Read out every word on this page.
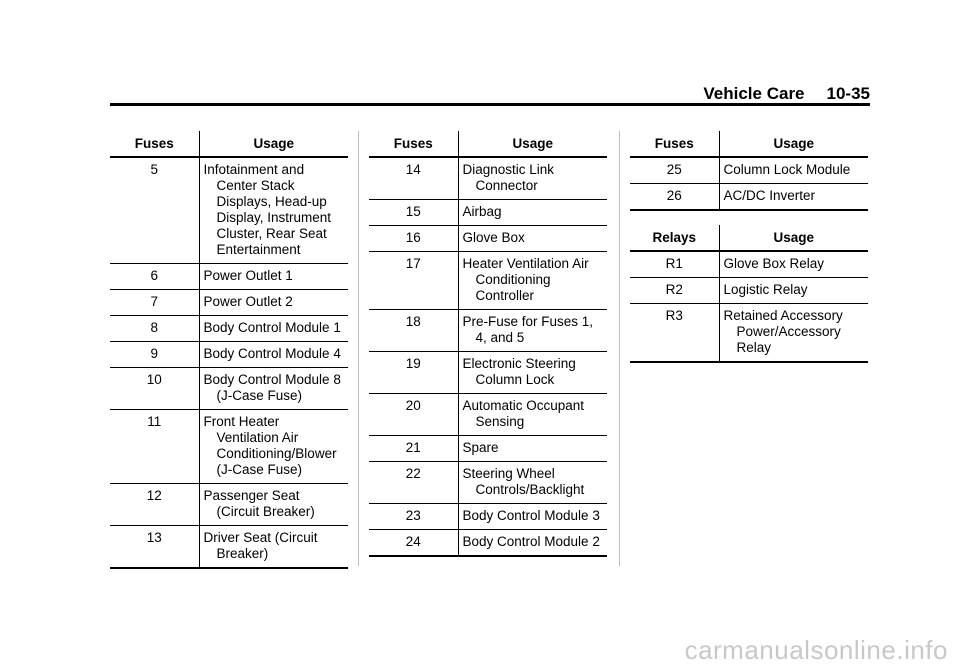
Vehicle Care 10-35
Fuses	Usage
5	Infotainment and Center Stack Displays, Head-up Display, Instrument Cluster, Rear Seat Entertainment

6	Power Outlet 1

7	Power Outlet 2

8	Body Control Module 1

9	Body Control Module 4

10	Body Control Module 8 (J-Case Fuse)

11	Front Heater Ventilation Air Conditioning/Blower (J-Case Fuse)

12	Passenger Seat (Circuit Breaker)

13	Driver Seat (Circuit Breaker)
Fuses	Usage
14	Diagnostic Link Connector

15	Airbag

16	Glove Box

17	Heater Ventilation Air Conditioning Controller

18	Pre-Fuse for Fuses 1, 4, and 5

19	Electronic Steering Column Lock

20	Automatic Occupant Sensing

21	Spare

22	Steering Wheel Controls/Backlight

23	Body Control Module 3

24	Body Control Module 2
Fuses	Usage
25	Column Lock Module

26	AC/DC Inverter
Relays	Usage
R1	Glove Box Relay

R2	Logistic Relay

R3	Retained Accessory Power/Accessory Relay
carmanualsonline.info
